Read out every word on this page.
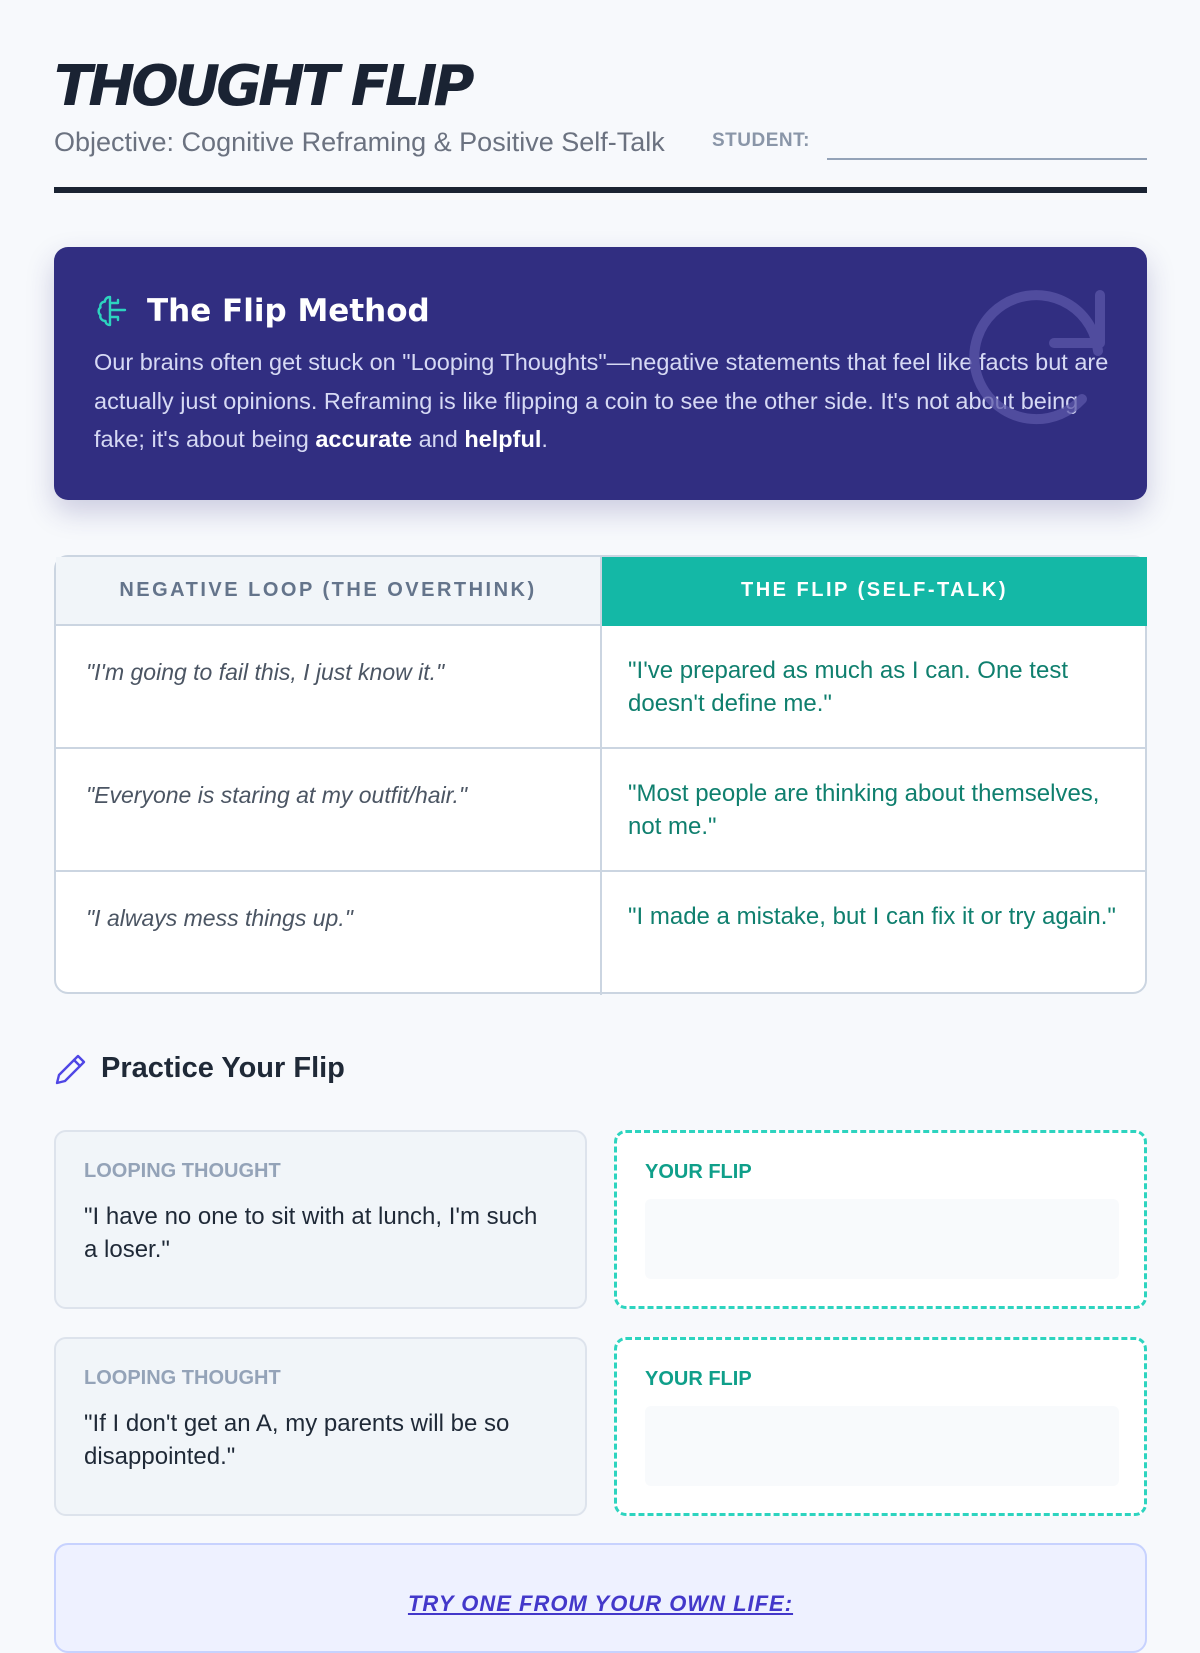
THOUGHT FLIP
Objective: Cognitive Reframing & Positive Self-Talk STUDENT:
The Flip Method

Our brains often get stuck on "Looping Thoughts"—negative statements that feel like facts but are actually just opinions. Reframing is like flipping a coin to see the other side. It's not about being fake; it's about being accurate and helpful.

NEGATIVE LOOP (THE OVERTHINK)	THE FLIP (SELF-TALK)
"I'm going to fail this, I just know it."	"I've prepared as much as I can. One test doesn't define me."
"Everyone is staring at my outfit/hair."	"Most people are thinking about themselves, not me."
"I always mess things up."	"I made a mistake, but I can fix it or try again."
Practice Your Flip
LOOPING THOUGHT
"I have no one to sit with at lunch, I'm such a loser."
YOUR FLIP
LOOPING THOUGHT
"If I don't get an A, my parents will be so disappointed."
YOUR FLIP
TRY ONE FROM YOUR OWN LIFE:
